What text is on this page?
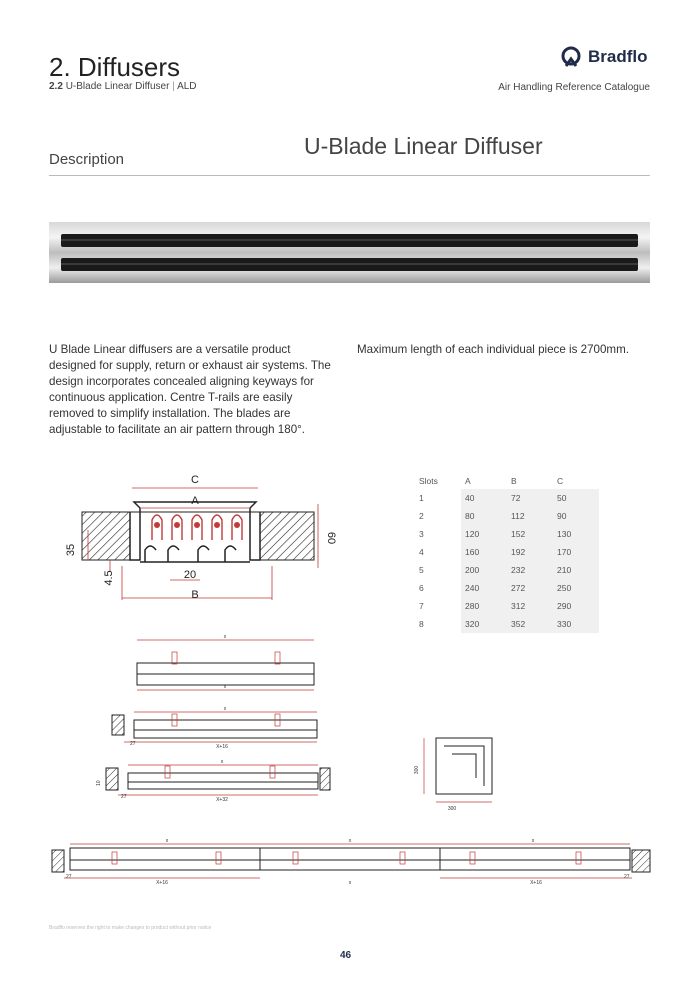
2. Diffusers
2.2 U-Blade Linear Diffuser | ALD
Bradflo
Air Handling Reference Catalogue
Description
U-Blade Linear Diffuser
U Blade Linear diffusers are a versatile product designed for supply, return or exhaust air systems. The design incorporates concealed aligning keyways for continuous application. Centre T-rails are easily removed to simplify installation. The blades are adjustable to facilitate an air pattern through 180°.
Maximum length of each individual piece is 2700mm.
C
A
B
20
60
35
4.5
Slots	A	B	C
1	40	72	50
2	80	112	90
3	120	152	130
4	160	192	170
5	200	232	210
6	240	272	250
7	280	312	290
8	320	352	330
x
x
x
X+16
27
x
X+32
27
10
300
300
x	x	x
X+16	x	X+16
27	27
Bradflo reserves the right to make changes to product without prior notice
46
